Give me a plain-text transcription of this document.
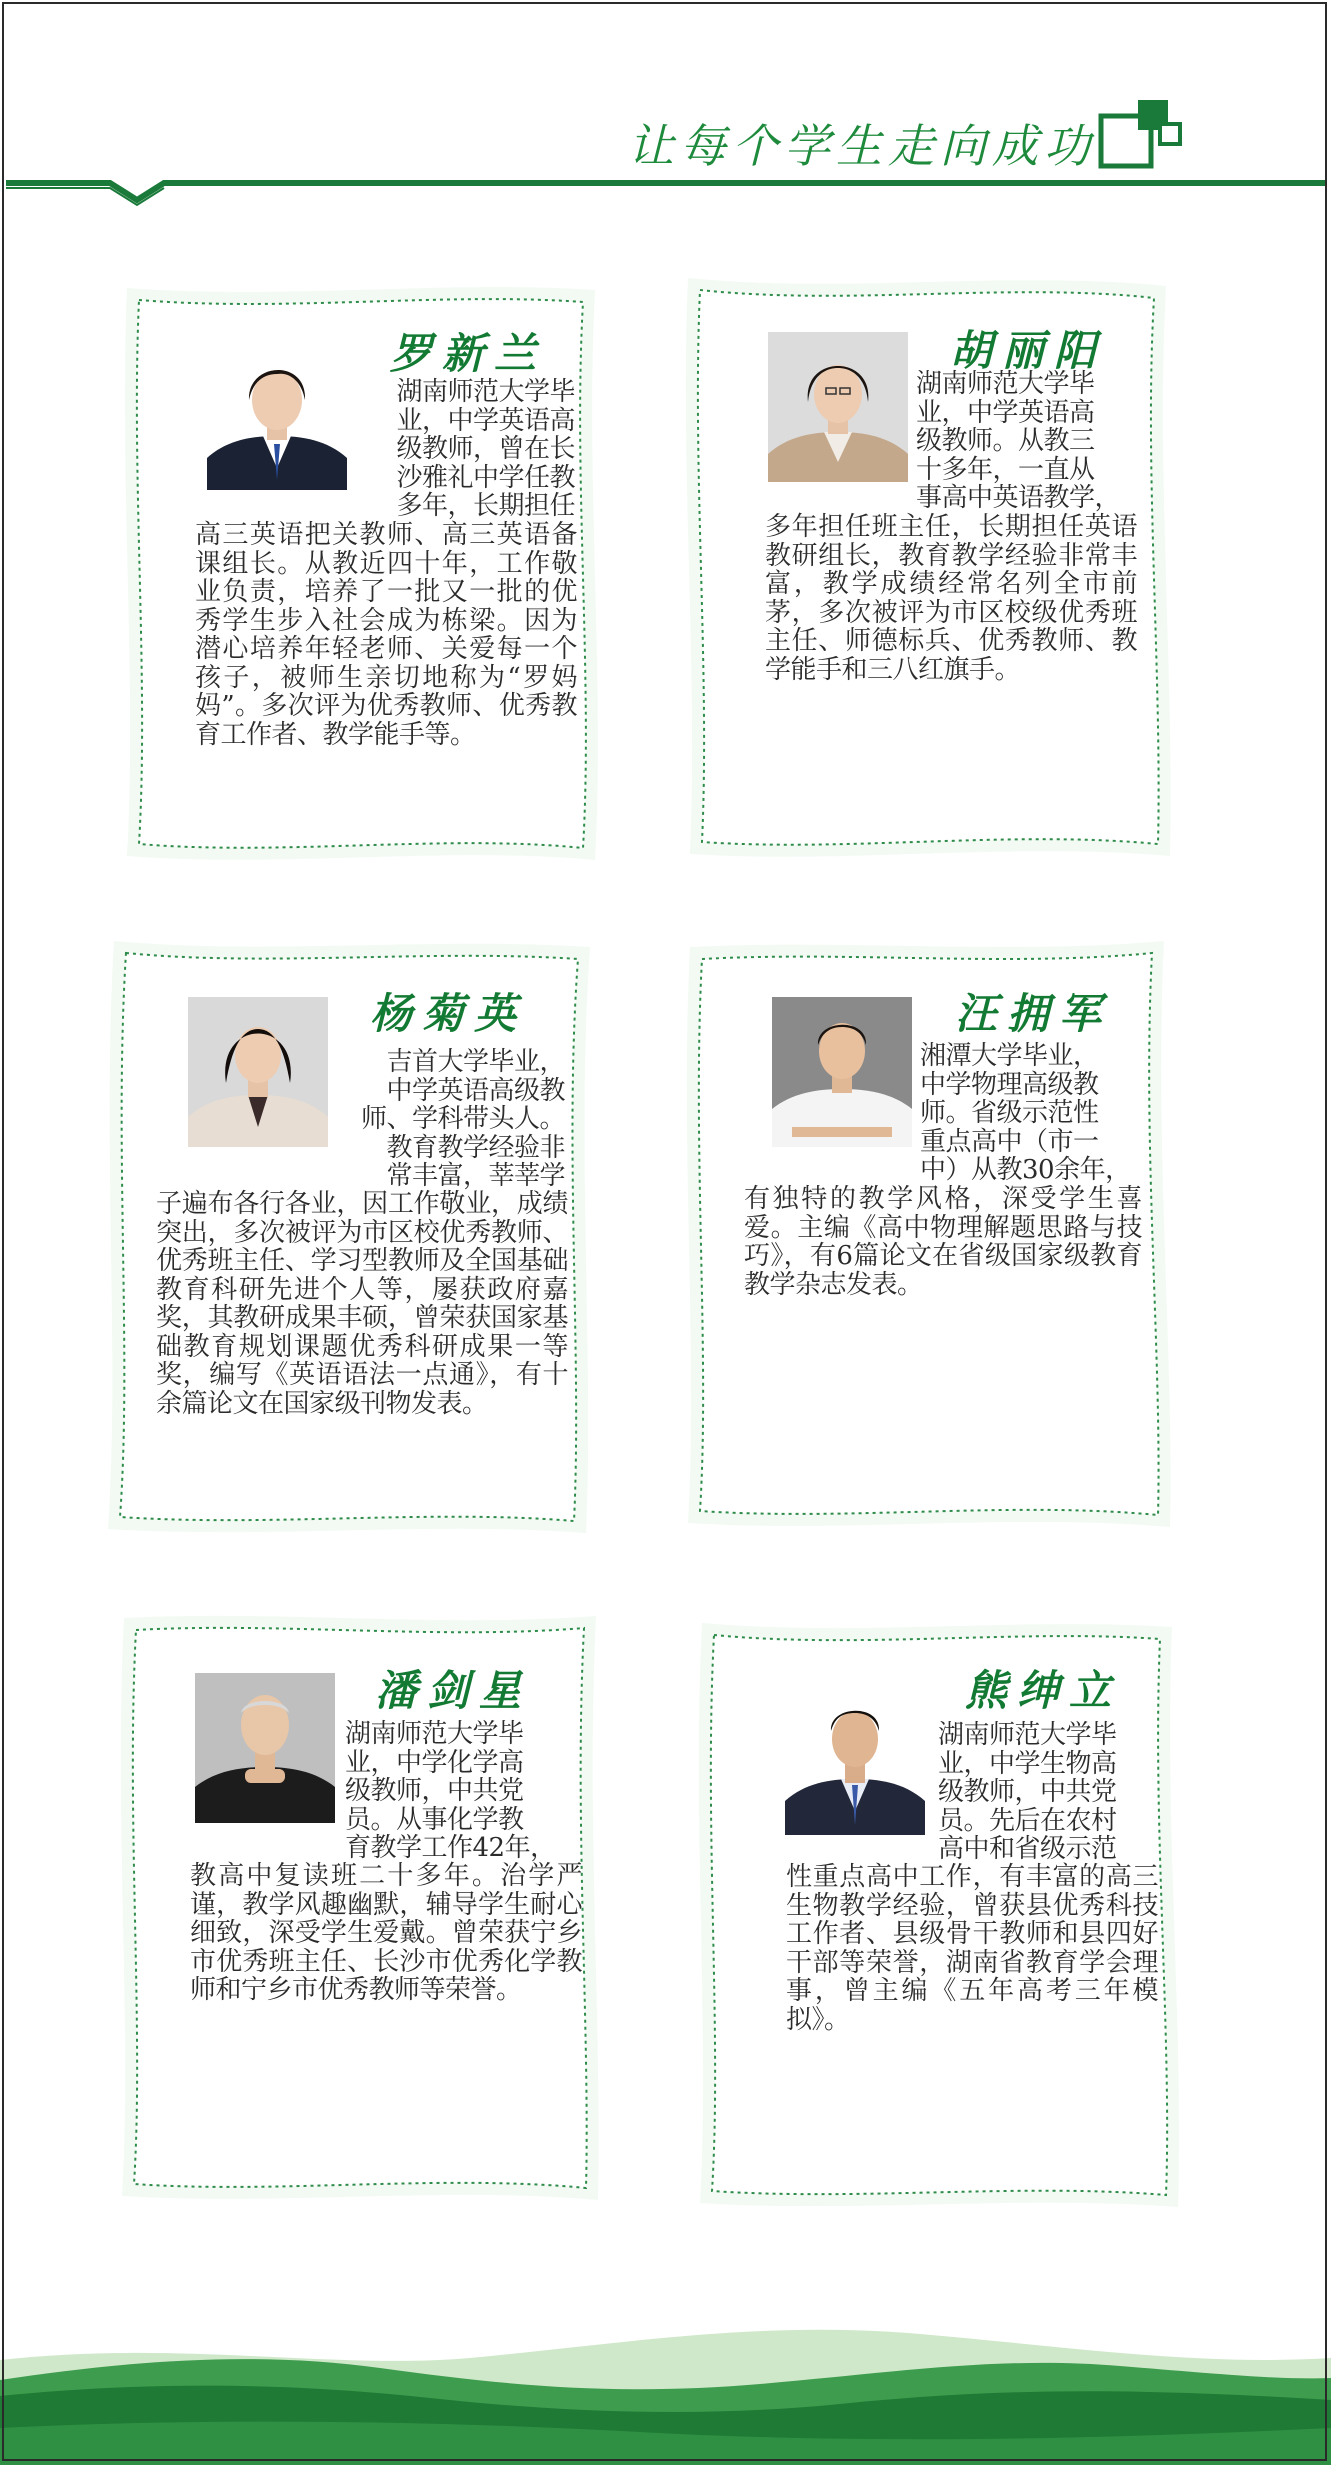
让每个学生走向成功
罗新兰
湖南师范大学毕
业，中学英语高
级教师，曾在长
沙雅礼中学任教
多年，长期担任
高三英语把关教师、高三英语备课组长。从教近四十年，工作敬业负责，培养了一批又一批的优秀学生步入社会成为栋梁。因为潜心培养年轻老师、关爱每一个孩子，被师生亲切地称为“罗妈妈”。多次评为优秀教师、优秀教育工作者、教学能手等。
胡丽阳
湖南师范大学毕
业，中学英语高
级教师。从教三
十多年，一直从
事高中英语教学，
多年担任班主任，长期担任英语教研组长，教育教学经验非常丰富，教学成绩经常名列全市前茅，多次被评为市区校级优秀班主任、师德标兵、优秀教师、教学能手和三八红旗手。
杨菊英
吉首大学毕业，
中学英语高级教
师、学科带头人。
教育教学经验非
常丰富，莘莘学
子遍布各行各业，因工作敬业，成绩突出，多次被评为市区校优秀教师、优秀班主任、学习型教师及全国基础教育科研先进个人等，屡获政府嘉奖，其教研成果丰硕，曾荣获国家基础教育规划课题优秀科研成果一等奖，编写《英语语法一点通》，有十余篇论文在国家级刊物发表。
汪拥军
湘潭大学毕业，
中学物理高级教
师。省级示范性
重点高中（市一
中）从教30余年，
有独特的教学风格，深受学生喜爱。主编《高中物理解题思路与技巧》，有6篇论文在省级国家级教育教学杂志发表。
潘剑星
湖南师范大学毕
业，中学化学高
级教师，中共党
员。从事化学教
育教学工作42年，
教高中复读班二十多年。治学严谨，教学风趣幽默，辅导学生耐心细致，深受学生爱戴。曾荣获宁乡市优秀班主任、长沙市优秀化学教师和宁乡市优秀教师等荣誉。
熊绅立
湖南师范大学毕
业，中学生物高
级教师，中共党
员。先后在农村
高中和省级示范
性重点高中工作，有丰富的高三生物教学经验，曾获县优秀科技工作者、县级骨干教师和县四好干部等荣誉，湖南省教育学会理事，曾主编《五年高考三年模拟》。
